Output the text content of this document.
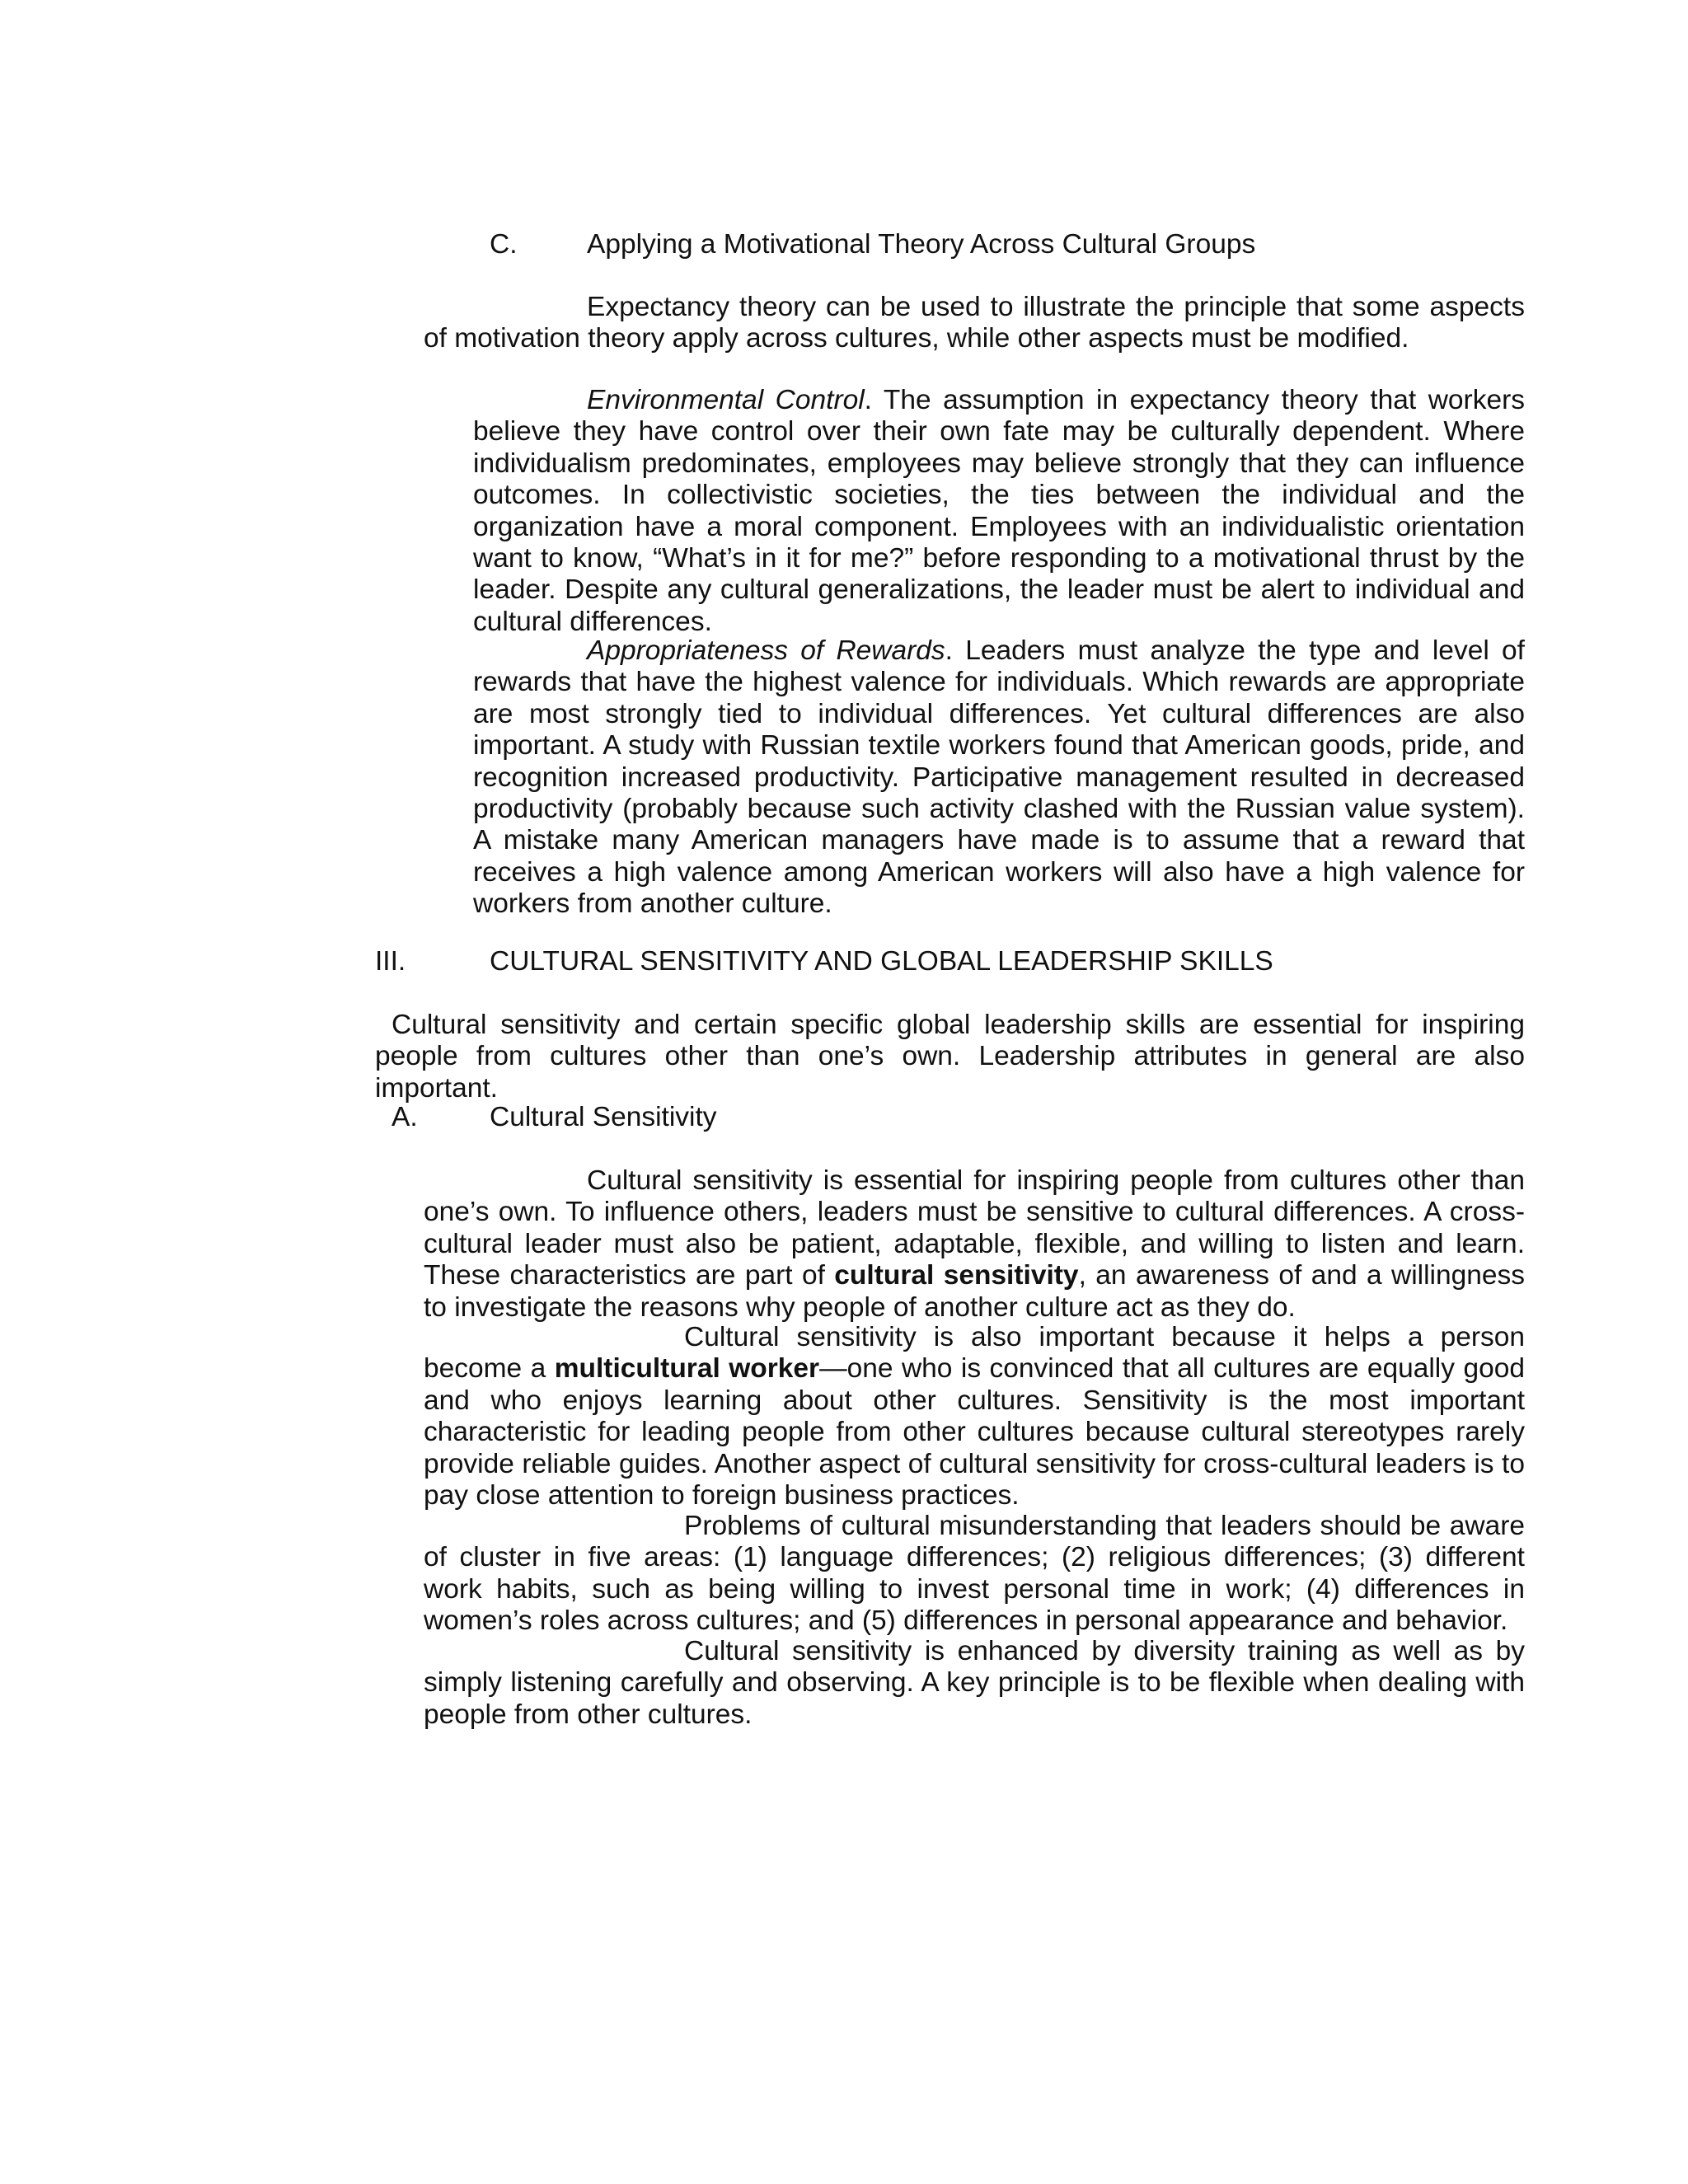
C.	Applying a Motivational Theory Across Cultural Groups

Expectancy theory can be used to illustrate the principle that some aspects of motivation theory apply across cultures, while other aspects must be modified.

Environmental Control. The assumption in expectancy theory that workers believe they have control over their own fate may be culturally dependent. Where individualism predominates, employees may believe strongly that they can influence outcomes. In collectivistic societies, the ties between the individual and the organization have a moral component. Employees with an individualistic orientation want to know, “What’s in it for me?” before responding to a motivational thrust by the leader. Despite any cultural generalizations, the leader must be alert to individual and cultural differences.

Appropriateness of Rewards. Leaders must analyze the type and level of rewards that have the highest valence for individuals. Which rewards are appropriate are most strongly tied to individual differences. Yet cultural differences are also important. A study with Russian textile workers found that American goods, pride, and recognition increased productivity. Participative management resulted in decreased productivity (probably because such activity clashed with the Russian value system). A mistake many American managers have made is to assume that a reward that receives a high valence among American workers will also have a high valence for workers from another culture.

III.	CULTURAL SENSITIVITY AND GLOBAL LEADERSHIP SKILLS

Cultural sensitivity and certain specific global leadership skills are essential for inspiring people from cultures other than one’s own. Leadership attributes in general are also important.

A.	Cultural Sensitivity

Cultural sensitivity is essential for inspiring people from cultures other than one’s own. To influence others, leaders must be sensitive to cultural differences. A cross-cultural leader must also be patient, adaptable, flexible, and willing to listen and learn. These characteristics are part of cultural sensitivity, an awareness of and a willingness to investigate the reasons why people of another culture act as they do.

Cultural sensitivity is also important because it helps a person become a multicultural worker—one who is convinced that all cultures are equally good and who enjoys learning about other cultures. Sensitivity is the most important characteristic for leading people from other cultures because cultural stereotypes rarely provide reliable guides. Another aspect of cultural sensitivity for cross-cultural leaders is to pay close attention to foreign business practices.

Problems of cultural misunderstanding that leaders should be aware of cluster in five areas: (1) language differences; (2) religious differences; (3) different work habits, such as being willing to invest personal time in work; (4) differences in women’s roles across cultures; and (5) differences in personal appearance and behavior.

Cultural sensitivity is enhanced by diversity training as well as by simply listening carefully and observing. A key principle is to be flexible when dealing with people from other cultures.
